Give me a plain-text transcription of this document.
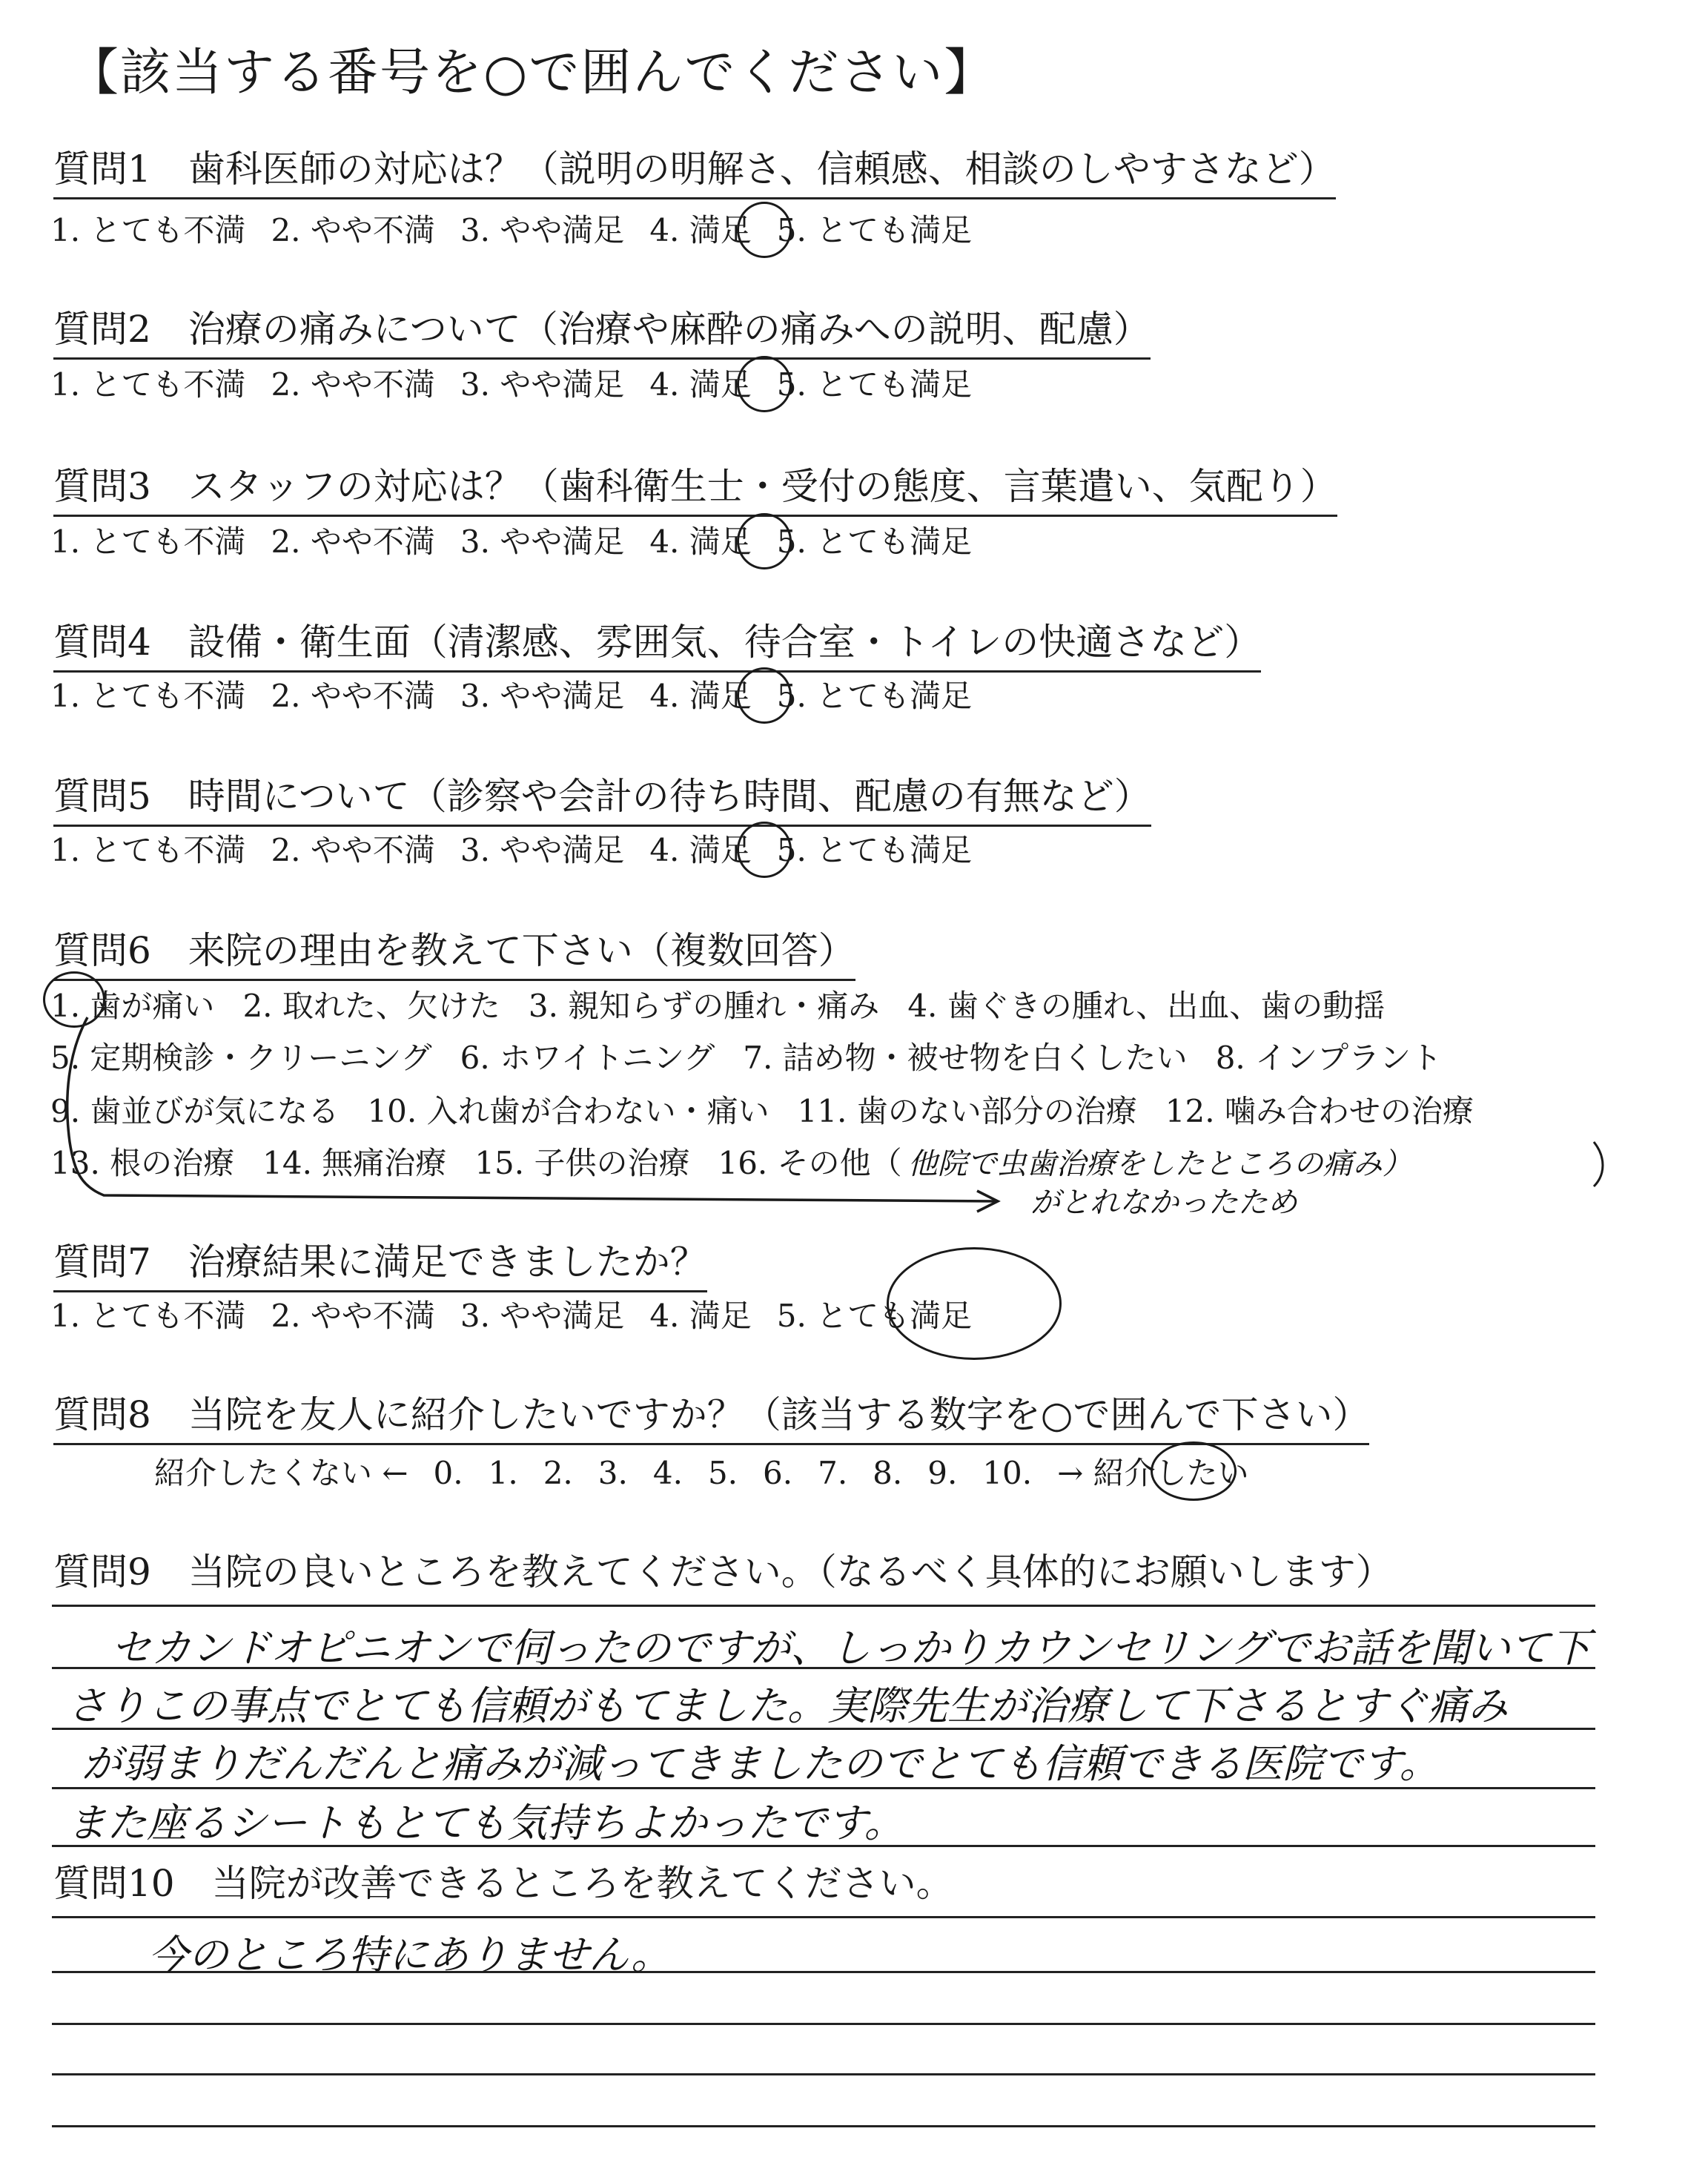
【該当する番号を○で囲んでください】
質問1　歯科医師の対応は？（説明の明解さ、信頼感、相談のしやすさなど）
1. とても不満 2. やや不満 3. やや満足 4. 満足 5. とても満足
質問2　治療の痛みについて（治療や麻酔の痛みへの説明、配慮）
1. とても不満 2. やや不満 3. やや満足 4. 満足 5. とても満足
質問3　スタッフの対応は？（歯科衛生士・受付の態度、言葉遣い、気配り）
1. とても不満 2. やや不満 3. やや満足 4. 満足 5. とても満足
質問4　設備・衛生面（清潔感、雰囲気、待合室・トイレの快適さなど）
1. とても不満 2. やや不満 3. やや満足 4. 満足 5. とても満足
質問5　時間について（診察や会計の待ち時間、配慮の有無など）
1. とても不満 2. やや不満 3. やや満足 4. 満足 5. とても満足
質問6　来院の理由を教えて下さい（複数回答）
1. 歯が痛い 2. 取れた、欠けた 3. 親知らずの腫れ・痛み 4. 歯ぐきの腫れ、出血、歯の動揺
5. 定期検診・クリーニング 6. ホワイトニング 7. 詰め物・被せ物を白くしたい 8. インプラント
9. 歯並びが気になる 10. 入れ歯が合わない・痛い 11. 歯のない部分の治療 12. 噛み合わせの治療
13. 根の治療 14. 無痛治療 15. 子供の治療 16. その他（ 他院で虫歯治療をしたところの痛み）
がとれなかったため
質問7　治療結果に満足できましたか？
1. とても不満 2. やや不満 3. やや満足 4. 満足 5. とても満足
質問8　当院を友人に紹介したいですか？（該当する数字を○で囲んで下さい）
紹介したくない ← 0. 1. 2. 3. 4. 5. 6. 7. 8. 9. 10. → 紹介したい
質問9　当院の良いところを教えてください。（なるべく具体的にお願いします）
セカンドオピニオンで伺ったのですが、しっかりカウンセリングでお話を聞いて下
さりこの事点でとても信頼がもてました。実際先生が治療して下さるとすぐ痛み
が弱まりだんだんと痛みが減ってきましたのでとても信頼できる医院です。
また座るシートもとても気持ちよかったです。
質問10　当院が改善できるところを教えてください。
今のところ特にありません。
